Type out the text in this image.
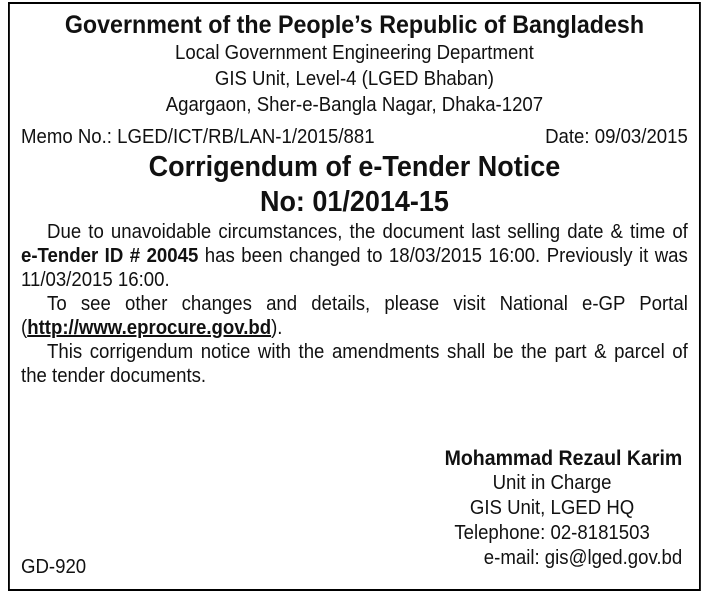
Government of the People’s Republic of Bangladesh
Local Government Engineering Department
GIS Unit, Level-4 (LGED Bhaban)
Agargaon, Sher-e-Bangla Nagar, Dhaka-1207
Memo No.: LGED/ICT/RB/LAN-1/2015/881	Date: 09/03/2015
Corrigendum of e-Tender Notice
No: 01/2014-15

Due to unavoidable circumstances, the document last selling date & time of e-Tender ID # 20045 has been changed to 18/03/2015 16:00. Previously it was 11/03/2015 16:00.

To see other changes and details, please visit National e-GP Portal (http://www.eprocure.gov.bd).

This corrigendum notice with the amendments shall be the part & parcel of the tender documents.

Mohammad Rezaul Karim
Unit in Charge
GIS Unit, LGED HQ
Telephone: 02-8181503
e-mail: gis@lged.gov.bd
GD-920
